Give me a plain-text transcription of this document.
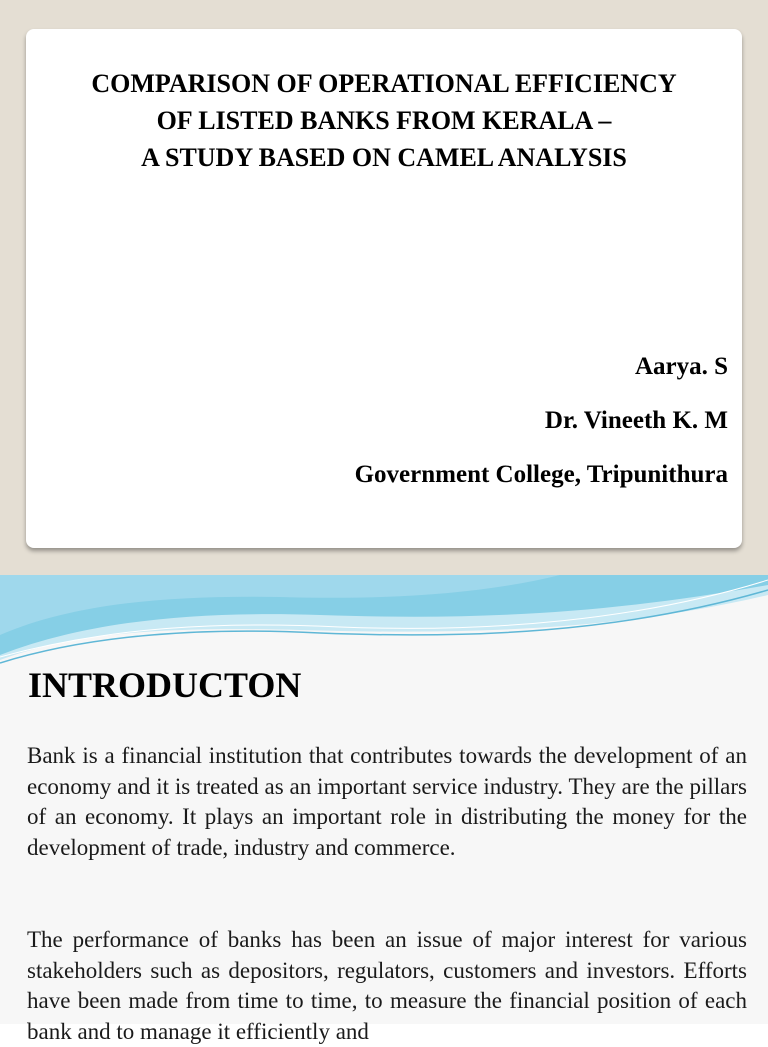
COMPARISON OF OPERATIONAL EFFICIENCY
OF LISTED BANKS FROM KERALA –
A STUDY BASED ON CAMEL ANALYSIS
Aarya. S
Dr. Vineeth K. M
Government College, Tripunithura
INTRODUCTON
Bank is a financial institution that contributes towards the development of an economy and it is treated as an important service industry. They are the pillars of an economy. It plays an important role in distributing the money for the development of trade, industry and commerce.
The performance of banks has been an issue of major interest for various stakeholders such as depositors, regulators, customers and investors. Efforts have been made from time to time, to measure the financial position of each bank and to manage it efficiently and
